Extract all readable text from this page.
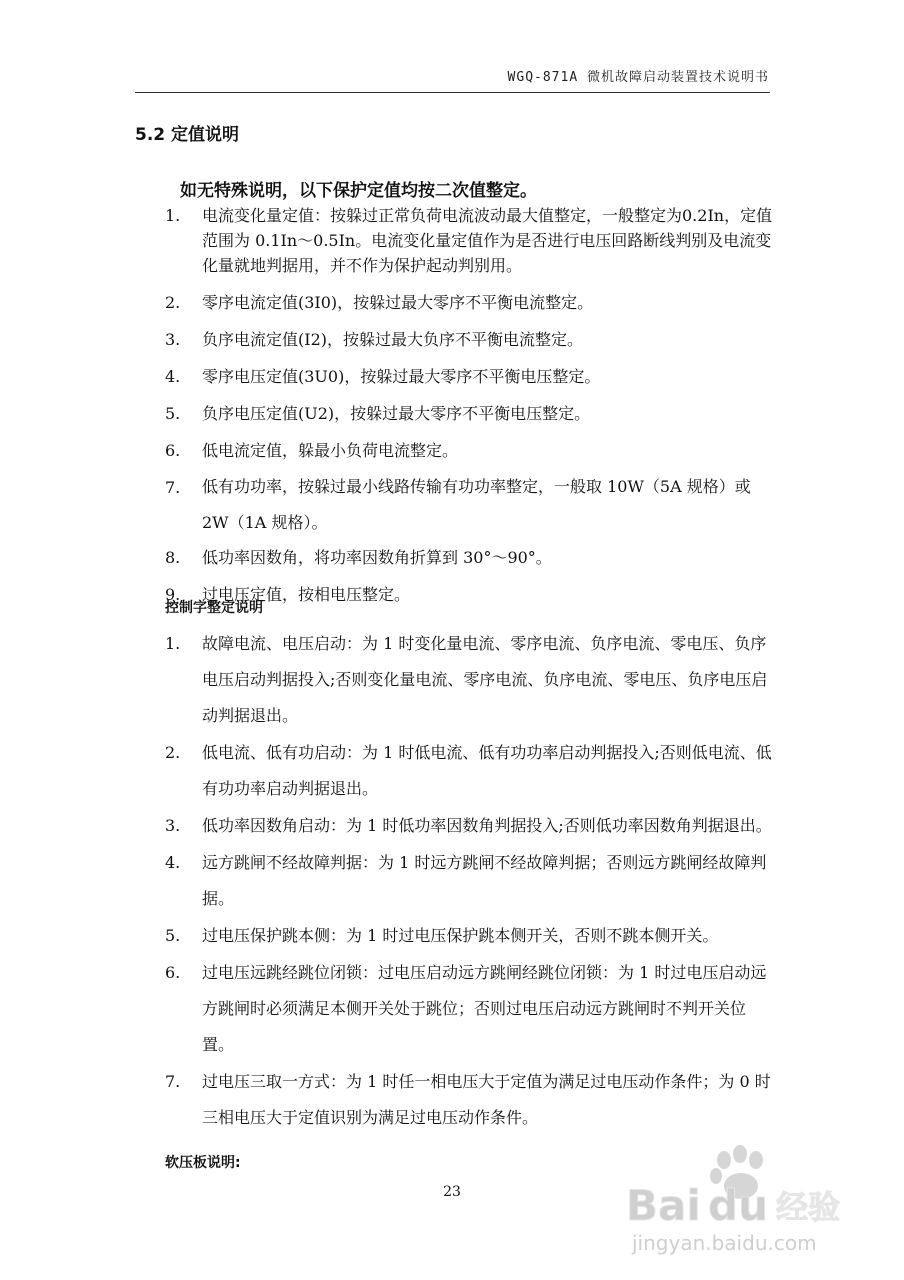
WGQ-871A 微机故障启动装置技术说明书
5.2 定值说明
如无特殊说明，以下保护定值均按二次值整定。
1.	电流变化量定值：按躲过正常负荷电流波动最大值整定，一般整定为0.2In，定值范围为 0.1In～0.5In。电流变化量定值作为是否进行电压回路断线判别及电流变化量就地判据用，并不作为保护起动判别用。
2.	零序电流定值(3I0)，按躲过最大零序不平衡电流整定。
3.	负序电流定值(I2)，按躲过最大负序不平衡电流整定。
4.	零序电压定值(3U0)，按躲过最大零序不平衡电压整定。
5.	负序电压定值(U2)，按躲过最大零序不平衡电压整定。
6.	低电流定值，躲最小负荷电流整定。
7.	低有功功率，按躲过最小线路传输有功功率整定，一般取 10W（5A 规格）或 2W（1A 规格）。
8.	低功率因数角，将功率因数角折算到 30°～90°。
9.	过电压定值，按相电压整定。
控制字整定说明
1.	故障电流、电压启动：为 1 时变化量电流、零序电流、负序电流、零电压、负序电压启动判据投入;否则变化量电流、零序电流、负序电流、零电压、负序电压启动判据退出。
2.	低电流、低有功启动：为 1 时低电流、低有功功率启动判据投入;否则低电流、低有功功率启动判据退出。
3.	低功率因数角启动：为 1 时低功率因数角判据投入;否则低功率因数角判据退出。
4.	远方跳闸不经故障判据：为 1 时远方跳闸不经故障判据；否则远方跳闸经故障判据。
5.	过电压保护跳本侧：为 1 时过电压保护跳本侧开关，否则不跳本侧开关。
6.	过电压远跳经跳位闭锁：过电压启动远方跳闸经跳位闭锁：为 1 时过电压启动远方跳闸时必须满足本侧开关处于跳位；否则过电压启动远方跳闸时不判开关位置。
7.	过电压三取一方式：为 1 时任一相电压大于定值为满足过电压动作条件；为 0 时三相电压大于定值识别为满足过电压动作条件。
软压板说明:
23	Bai du 经验
jingyan.baidu.com
